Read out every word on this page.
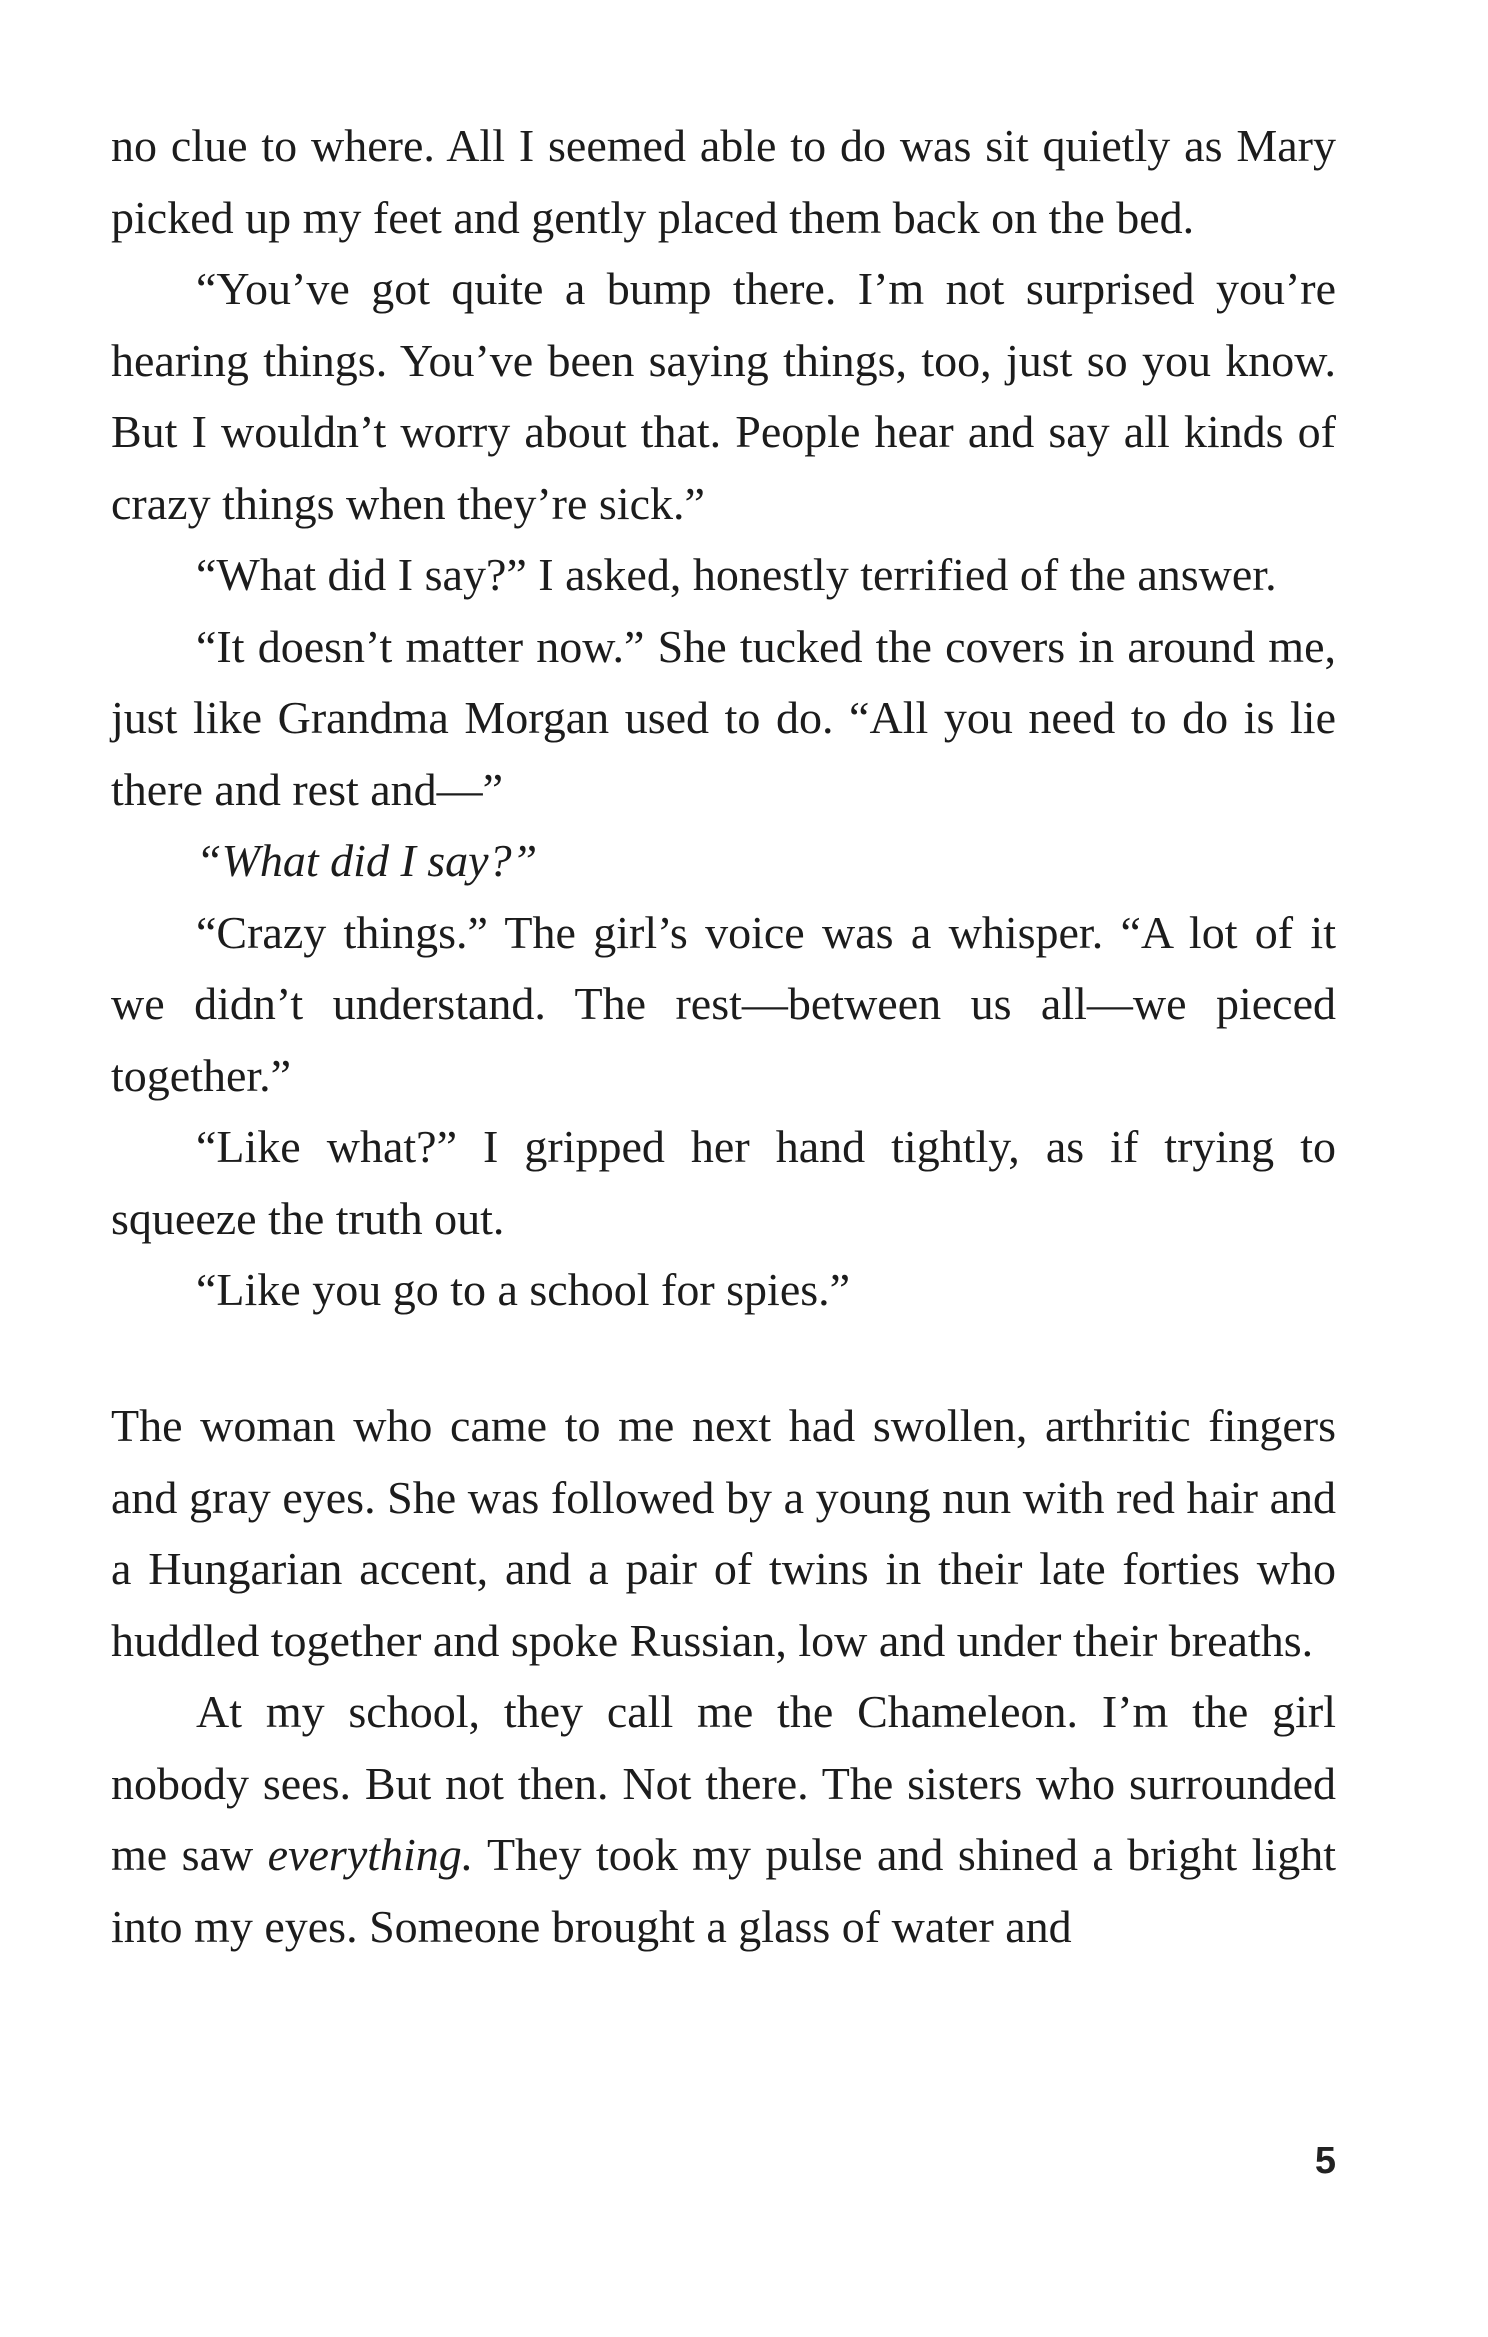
no clue to where. All I seemed able to do was sit quietly as Mary picked up my feet and gently placed them back on the bed.

“You’ve got quite a bump there. I’m not surprised you’re hearing things. You’ve been saying things, too, just so you know. But I wouldn’t worry about that. People hear and say all kinds of crazy things when they’re sick.”

“What did I say?” I asked, honestly terrified of the answer.

“It doesn’t matter now.” She tucked the covers in around me, just like Grandma Morgan used to do. “All you need to do is lie there and rest and—”

“What did I say?”

“Crazy things.” The girl’s voice was a whisper. “A lot of it we didn’t understand. The rest—between us all—we pieced together.”

“Like what?” I gripped her hand tightly, as if trying to squeeze the truth out.

“Like you go to a school for spies.”

The woman who came to me next had swollen, arthritic fingers and gray eyes. She was followed by a young nun with red hair and a Hungarian accent, and a pair of twins in their late forties who huddled together and spoke Russian, low and under their breaths.

At my school, they call me the Chameleon. I’m the girl nobody sees. But not then. Not there. The sisters who surrounded me saw everything. They took my pulse and shined a bright light into my eyes. Someone brought a glass of water and

5
